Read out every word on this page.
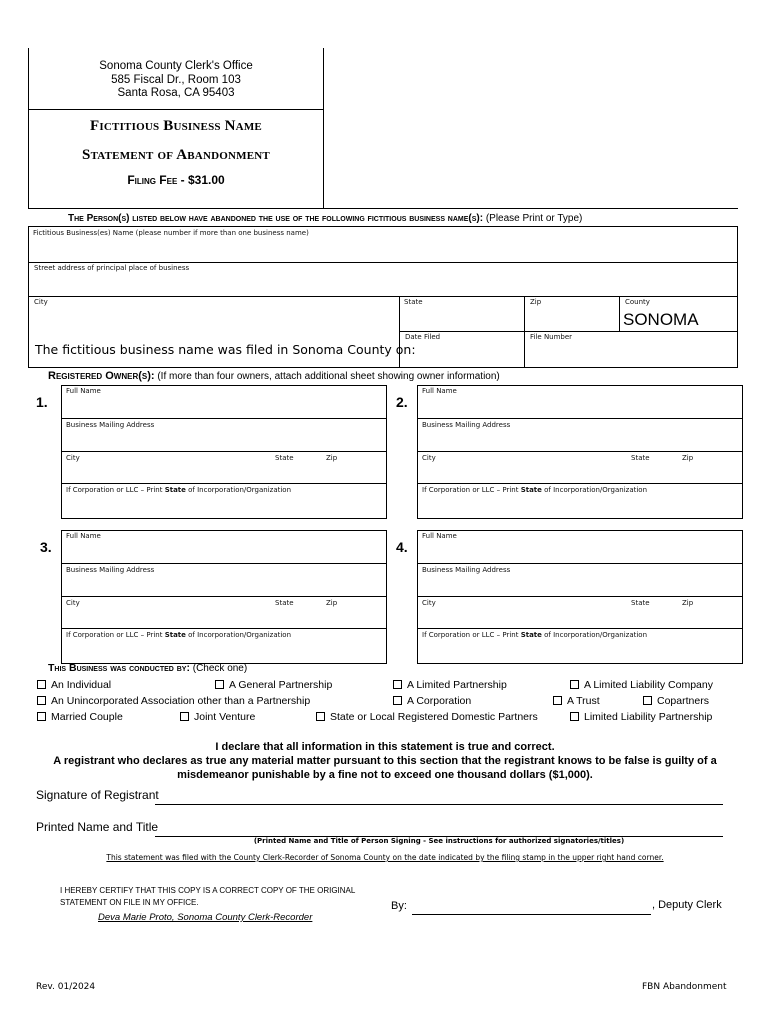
Sonoma County Clerk's Office
585 Fiscal Dr., Room 103
Santa Rosa, CA 95403
Fictitious Business Name
Statement of Abandonment
Filing Fee - $31.00
The Person(s) listed below have abandoned the use of the following fictitious business name(s): (Please Print or Type)
Fictitious Business(es) Name (please number if more than one business name)
Street address of principal place of business
City	State	Zip	County
SONOMA
The fictitious business name was filed in Sonoma County on:
Date Filed	File Number
Registered Owner(s): (If more than four owners, attach additional sheet showing owner information)
1.
Full Name
Business Mailing Address
City	State	Zip
If Corporation or LLC – Print State of Incorporation/Organization
2.
Full Name
Business Mailing Address
City	State	Zip
If Corporation or LLC – Print State of Incorporation/Organization
3.
Full Name
Business Mailing Address
City	State	Zip
If Corporation or LLC – Print State of Incorporation/Organization
4.
Full Name
Business Mailing Address
City	State	Zip
If Corporation or LLC – Print State of Incorporation/Organization
This Business was conducted by: (Check one)
An Individual	A General Partnership	A Limited Partnership	A Limited Liability Company
An Unincorporated Association other than a Partnership	A Corporation	A Trust	Copartners
Married Couple	Joint Venture	State or Local Registered Domestic Partners	Limited Liability Partnership
I declare that all information in this statement is true and correct.
A registrant who declares as true any material matter pursuant to this section that the registrant knows to be false is guilty of a
misdemeanor punishable by a fine not to exceed one thousand dollars ($1,000).
Signature of Registrant
Printed Name and Title
(Printed Name and Title of Person Signing - See instructions for authorized signatories/titles)
This statement was filed with the County Clerk-Recorder of Sonoma County on the date indicated by the filing stamp in the upper right hand corner.
I HEREBY CERTIFY THAT THIS COPY IS A CORRECT COPY OF THE ORIGINAL
STATEMENT ON FILE IN MY OFFICE.
Deva Marie Proto, Sonoma County Clerk-Recorder
By:	, Deputy Clerk
Rev. 01/2024	FBN Abandonment
